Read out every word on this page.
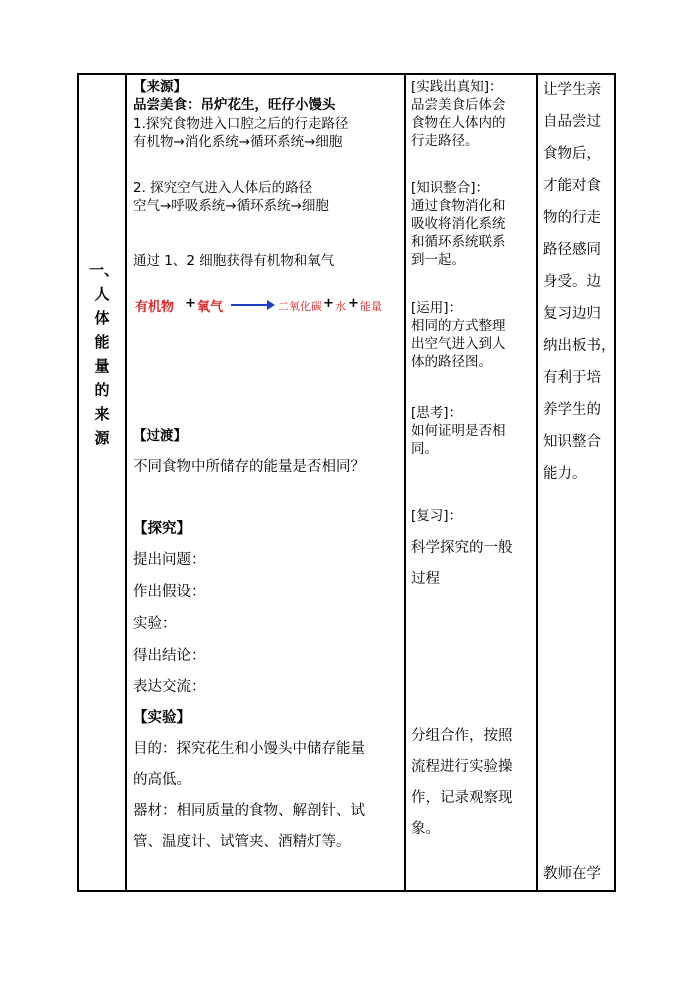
一、
人
体
能
量
的
来
源
【来源】
品尝美食：吊炉花生，旺仔小馒头
1.探究食物进入口腔之后的行走路径
有机物→消化系统→循环系统→细胞
2. 探究空气进入人体后的路径
空气→呼吸系统→循环系统→细胞
通过 1、2 细胞获得有机物和氧气
有机物 + 氧气	二氧化碳 + 水 + 能量
【过渡】
不同食物中所储存的能量是否相同？
【探究】
提出问题：
作出假设：
实验：
得出结论：
表达交流：
【实验】
目的：探究花生和小馒头中储存能量
的高低。
器材：相同质量的食物、解剖针、试
管、温度计、试管夹、酒精灯等。
[实践出真知]：
品尝美食后体会
食物在人体内的
行走路径。
[知识整合]：
通过食物消化和
吸收将消化系统
和循环系统联系
到一起。
[运用]：
相同的方式整理
出空气进入到人
体的路径图。
[思考]：
如何证明是否相
同。
[复习]：
科学探究的一般
过程
分组合作，按照
流程进行实验操
作，记录观察现
象。
让学生亲
自品尝过
食物后，
才能对食
物的行走
路径感同
身受。边
复习边归
纳出板书，
有利于培
养学生的
知识整合
能力。
教师在学
